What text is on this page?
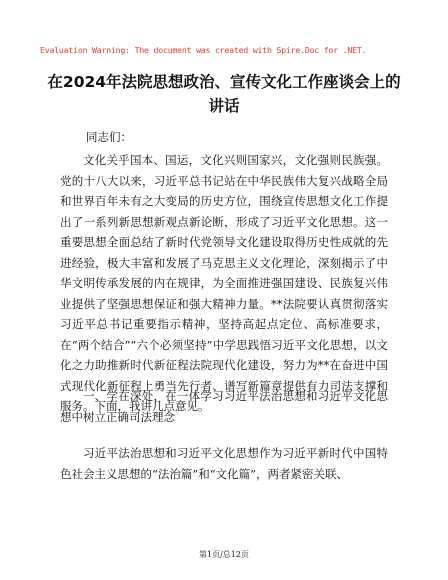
Evaluation Warning: The document was created with Spire.Doc for .NET.
在2024年法院思想政治、宣传文化工作座谈会上的讲话
同志们：
文化关乎国本、国运，文化兴则国家兴，文化强则民族强。党的十八大以来，习近平总书记站在中华民族伟大复兴战略全局和世界百年未有之大变局的历史方位，围绕宣传思想文化工作提出了一系列新思想新观点新论断，形成了习近平文化思想。这一重要思想全面总结了新时代党领导文化建设取得历史性成就的先进经验，极大丰富和发展了马克思主义文化理论，深刻揭示了中华文明传承发展的内在规律，为全面推进强国建设、民族复兴伟业提供了坚强思想保证和强大精神力量。**法院要认真贯彻落实习近平总书记重要指示精神，坚持高起点定位、高标准要求，在“两个结合”“六个必须坚持”中学思践悟习近平文化思想，以文化之力助推新时代新征程法院现代化建设，努力为**在奋进中国式现代化新征程上勇当先行者、谱写新篇章提供有力司法支撑和服务。下面，我讲几点意见。
一、学在深处，在一体学习习近平法治思想和习近平文化思想中树立正确司法理念
习近平法治思想和习近平文化思想作为习近平新时代中国特色社会主义思想的“法治篇”和“文化篇”，两者紧密关联、
第1页/总12页
